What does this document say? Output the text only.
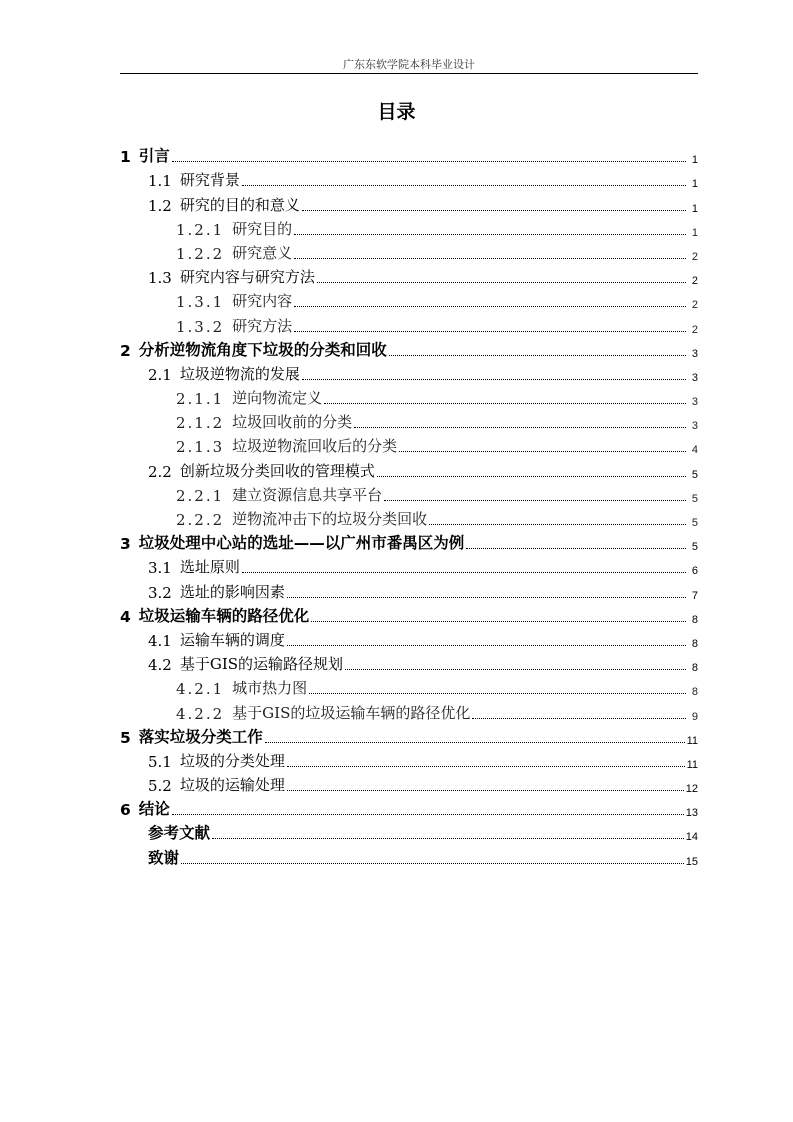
广东东软学院本科毕业设计
目录
1 引言	1
1.1 研究背景	1
1.2 研究的目的和意义	1
1.2.1 研究目的	1
1.2.2 研究意义	2
1.3 研究内容与研究方法	2
1.3.1 研究内容	2
1.3.2 研究方法	2
2 分析逆物流角度下垃圾的分类和回收	3
2.1 垃圾逆物流的发展	3
2.1.1 逆向物流定义	3
2.1.2 垃圾回收前的分类	3
2.1.3 垃圾逆物流回收后的分类	4
2.2 创新垃圾分类回收的管理模式	5
2.2.1 建立资源信息共享平台	5
2.2.2 逆物流冲击下的垃圾分类回收	5
3 垃圾处理中心站的选址——以广州市番禺区为例	5
3.1 选址原则	6
3.2 选址的影响因素	7
4 垃圾运输车辆的路径优化	8
4.1 运输车辆的调度	8
4.2 基于GIS的运输路径规划	8
4.2.1 城市热力图	8
4.2.2 基于GIS的垃圾运输车辆的路径优化	9
5 落实垃圾分类工作	11
5.1 垃圾的分类处理	11
5.2 垃圾的运输处理	12
6 结论	13
参考文献	14
致谢	15
